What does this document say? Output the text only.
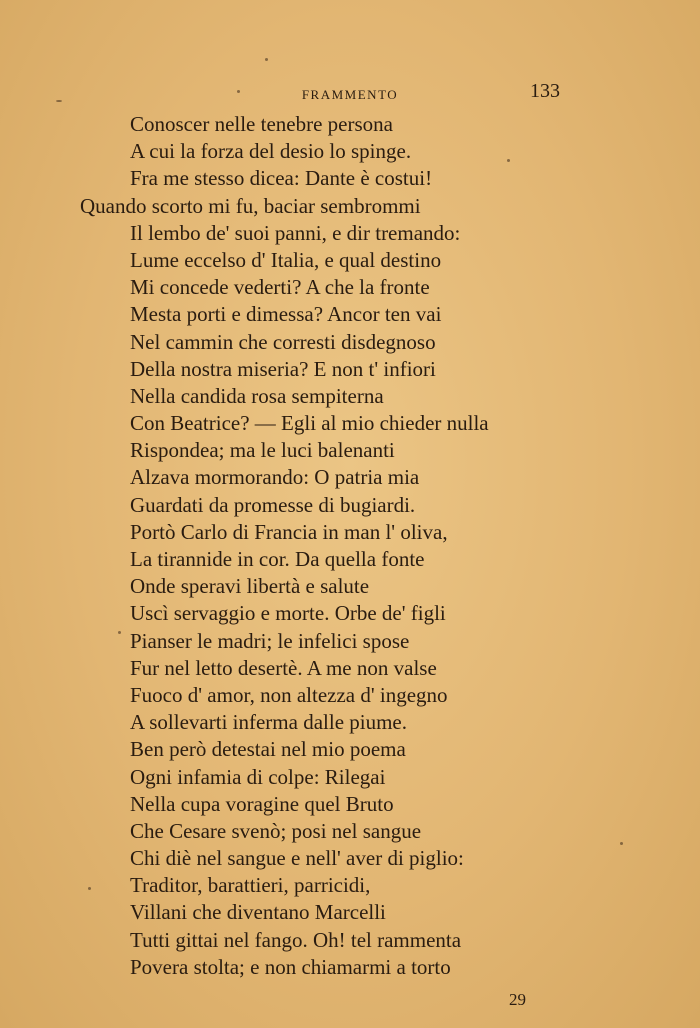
FRAMMENTO	133
Conoscer nelle tenebre persona
A cui la forza del desio lo spinge.
Fra me stesso dicea: Dante è costui!
Quando scorto mi fu, baciar sembrommi
Il lembo de' suoi panni, e dir tremando:
Lume eccelso d' Italia, e qual destino
Mi concede vederti? A che la fronte
Mesta porti e dimessa? Ancor ten vai
Nel cammin che corresti disdegnoso
Della nostra miseria? E non t' infiori
Nella candida rosa sempiterna
Con Beatrice? — Egli al mio chieder nulla
Rispondea; ma le luci balenanti
Alzava mormorando: O patria mia
Guardati da promesse di bugiardi.
Portò Carlo di Francia in man l' oliva,
La tirannide in cor. Da quella fonte
Onde speravi libertà e salute
Uscì servaggio e morte. Orbe de' figli
Pianser le madri; le infelici spose
Fur nel letto desertè. A me non valse
Fuoco d' amor, non altezza d' ingegno
A sollevarti inferma dalle piume.
Ben però detestai nel mio poema
Ogni infamia di colpe: Rilegai
Nella cupa voragine quel Bruto
Che Cesare svenò; posi nel sangue
Chi diè nel sangue e nell' aver di piglio:
Traditor, barattieri, parricidi,
Villani che diventano Marcelli
Tutti gittai nel fango. Oh! tel rammenta
Povera stolta; e non chiamarmi a torto
29
